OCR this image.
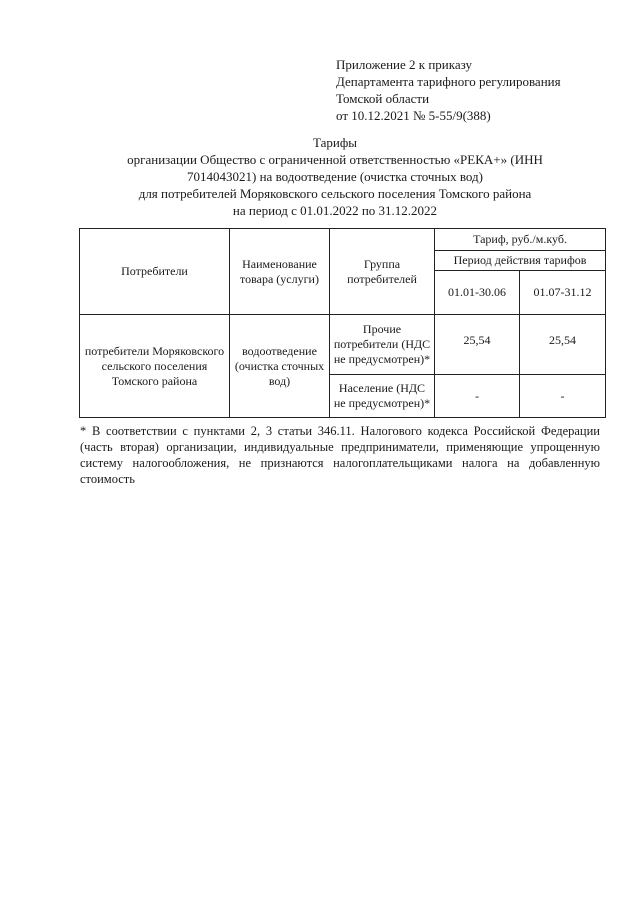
Приложение 2 к приказу
Департамента тарифного регулирования
Томской области
от 10.12.2021 № 5-55/9(388)
Тарифы
организации Общество с ограниченной ответственностью «РЕКА+» (ИНН
7014043021) на водоотведение (очистка сточных вод)
для потребителей Моряковского сельского поселения Томского района
на период с 01.01.2022 по 31.12.2022
Потребители	Наименование товара (услуги)	Группа потребителей	Тариф, руб./м.куб.	
			Период действия тарифов	
			01.01-30.06	01.07-31.12
потребители Моряковского сельского поселения Томского района	водоотведение (очистка сточных вод)	Прочие потребители (НДС не предусмотрен)*	25,54	25,54
		Население (НДС не предусмотрен)*	-	-
* В соответствии с пунктами 2, 3 статьи 346.11. Налогового кодекса Российской Федерации (часть вторая) организации, индивидуальные предприниматели, применяющие упрощенную систему налогообложения, не признаются налогоплательщиками налога на добавленную стоимость
